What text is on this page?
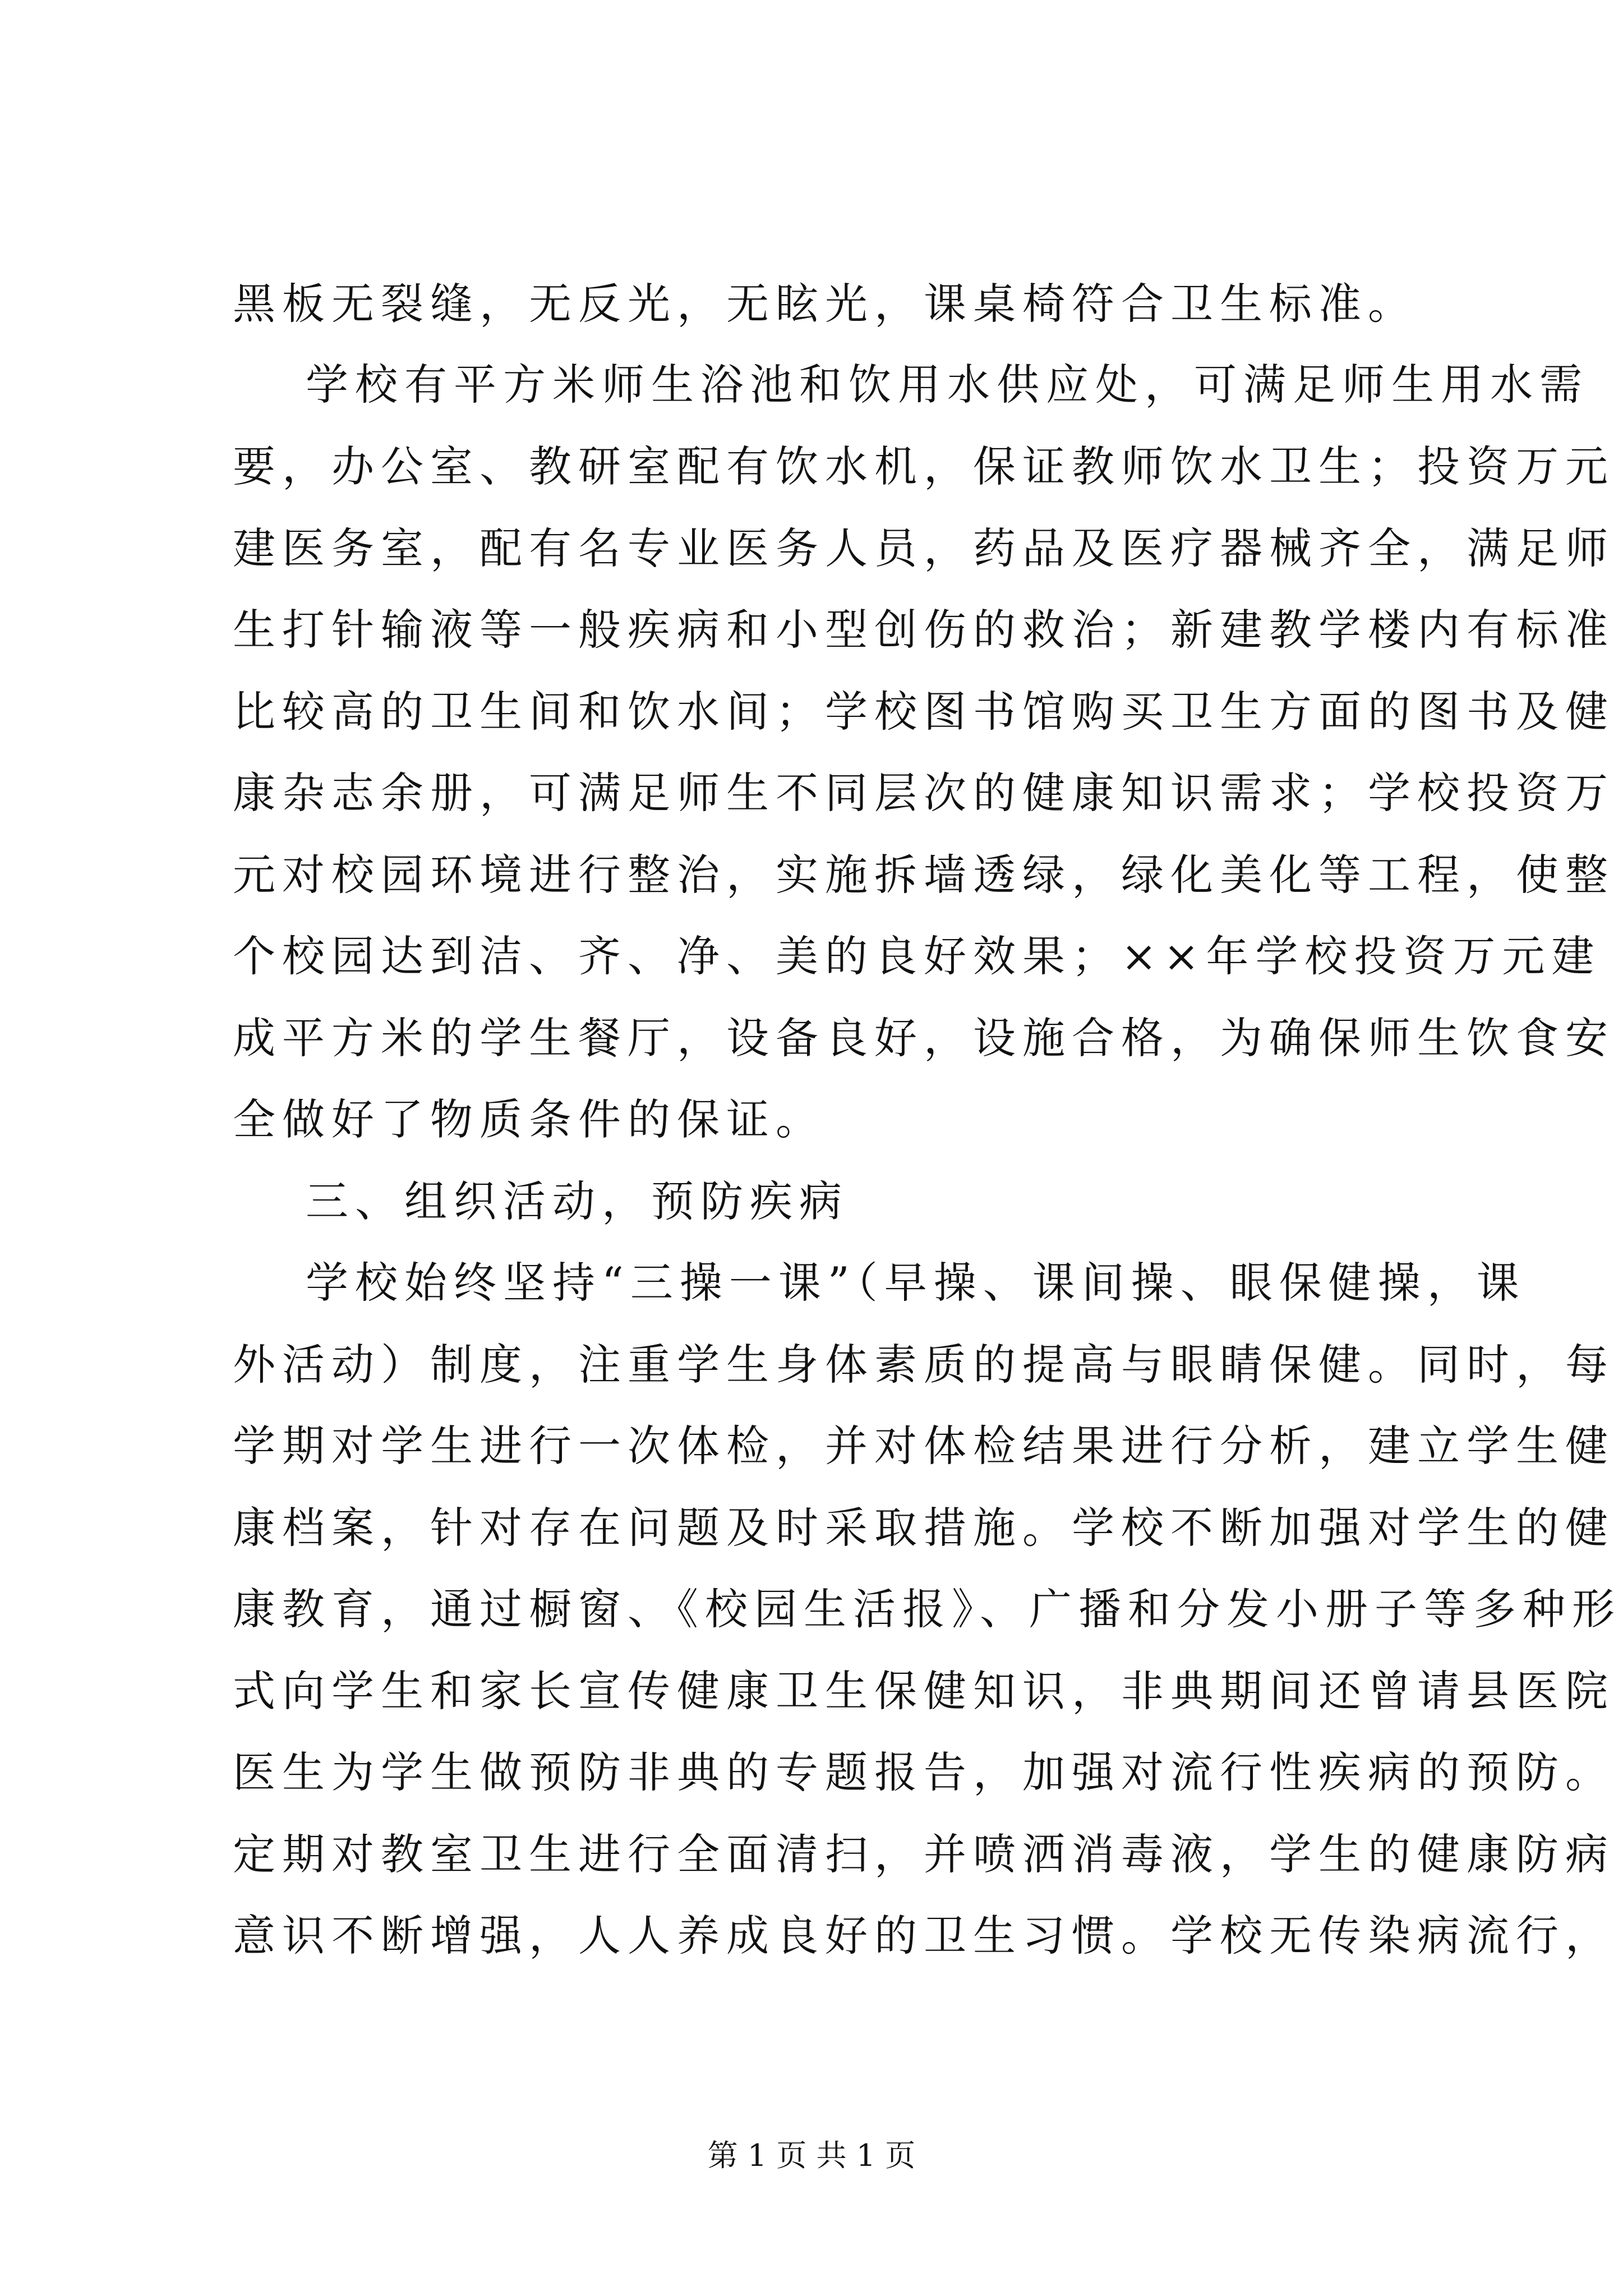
黑板无裂缝，无反光，无眩光，课桌椅符合卫生标准。
学校有平方米师生浴池和饮用水供应处，可满足师生用水需
要，办公室、教研室配有饮水机，保证教师饮水卫生；投资万元
建医务室，配有名专业医务人员，药品及医疗器械齐全，满足师
生打针输液等一般疾病和小型创伤的救治；新建教学楼内有标准
比较高的卫生间和饮水间；学校图书馆购买卫生方面的图书及健
康杂志余册，可满足师生不同层次的健康知识需求；学校投资万
元对校园环境进行整治，实施拆墙透绿，绿化美化等工程，使整
个校园达到洁、齐、净、美的良好效果；××年学校投资万元建
成平方米的学生餐厅，设备良好，设施合格，为确保师生饮食安
全做好了物质条件的保证。
三、组织活动，预防疾病
学校始终坚持“三操一课”（早操、课间操、眼保健操，课
外活动）制度，注重学生身体素质的提高与眼睛保健。同时，每
学期对学生进行一次体检，并对体检结果进行分析，建立学生健
康档案，针对存在问题及时采取措施。学校不断加强对学生的健
康教育，通过橱窗、《校园生活报》、广播和分发小册子等多种形
式向学生和家长宣传健康卫生保健知识，非典期间还曾请县医院
医生为学生做预防非典的专题报告，加强对流行性疾病的预防。
定期对教室卫生进行全面清扫，并喷洒消毒液，学生的健康防病
意识不断增强，人人养成良好的卫生习惯。学校无传染病流行，
第 1 页 共 1 页
